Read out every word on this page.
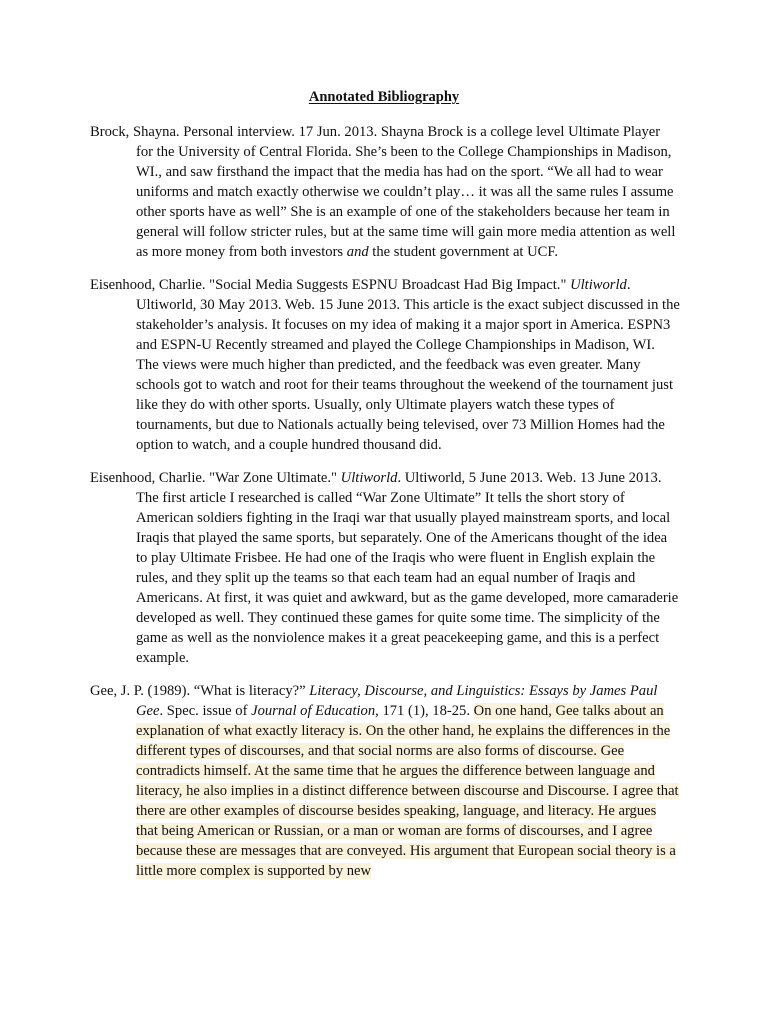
Annotated Bibliography

Brock, Shayna. Personal interview. 17 Jun. 2013. Shayna Brock is a college level Ultimate Player for the University of Central Florida. She’s been to the College Championships in Madison, WI., and saw firsthand the impact that the media has had on the sport. “We all had to wear uniforms and match exactly otherwise we couldn’t play… it was all the same rules I assume other sports have as well” She is an example of one of the stakeholders because her team in general will follow stricter rules, but at the same time will gain more media attention as well as more money from both investors and the student government at UCF.

Eisenhood, Charlie. "Social Media Suggests ESPNU Broadcast Had Big Impact." Ultiworld. Ultiworld, 30 May 2013. Web. 15 June 2013. This article is the exact subject discussed in the stakeholder’s analysis. It focuses on my idea of making it a major sport in America. ESPN3 and ESPN-U Recently streamed and played the College Championships in Madison, WI. The views were much higher than predicted, and the feedback was even greater. Many schools got to watch and root for their teams throughout the weekend of the tournament just like they do with other sports. Usually, only Ultimate players watch these types of tournaments, but due to Nationals actually being televised, over 73 Million Homes had the option to watch, and a couple hundred thousand did.

Eisenhood, Charlie. "War Zone Ultimate." Ultiworld. Ultiworld, 5 June 2013. Web. 13 June 2013. The first article I researched is called “War Zone Ultimate” It tells the short story of American soldiers fighting in the Iraqi war that usually played mainstream sports, and local Iraqis that played the same sports, but separately. One of the Americans thought of the idea to play Ultimate Frisbee. He had one of the Iraqis who were fluent in English explain the rules, and they split up the teams so that each team had an equal number of Iraqis and Americans. At first, it was quiet and awkward, but as the game developed, more camaraderie developed as well. They continued these games for quite some time. The simplicity of the game as well as the nonviolence makes it a great peacekeeping game, and this is a perfect example.

Gee, J. P. (1989). “What is literacy?” Literacy, Discourse, and Linguistics: Essays by James Paul Gee. Spec. issue of Journal of Education, 171 (1), 18-25. On one hand, Gee talks about an explanation of what exactly literacy is. On the other hand, he explains the differences in the different types of discourses, and that social norms are also forms of discourse. Gee contradicts himself. At the same time that he argues the difference between language and literacy, he also implies in a distinct difference between discourse and Discourse. I agree that there are other examples of discourse besides speaking, language, and literacy. He argues that being American or Russian, or a man or woman are forms of discourses, and I agree because these are messages that are conveyed. His argument that European social theory is a little more complex is supported by new
